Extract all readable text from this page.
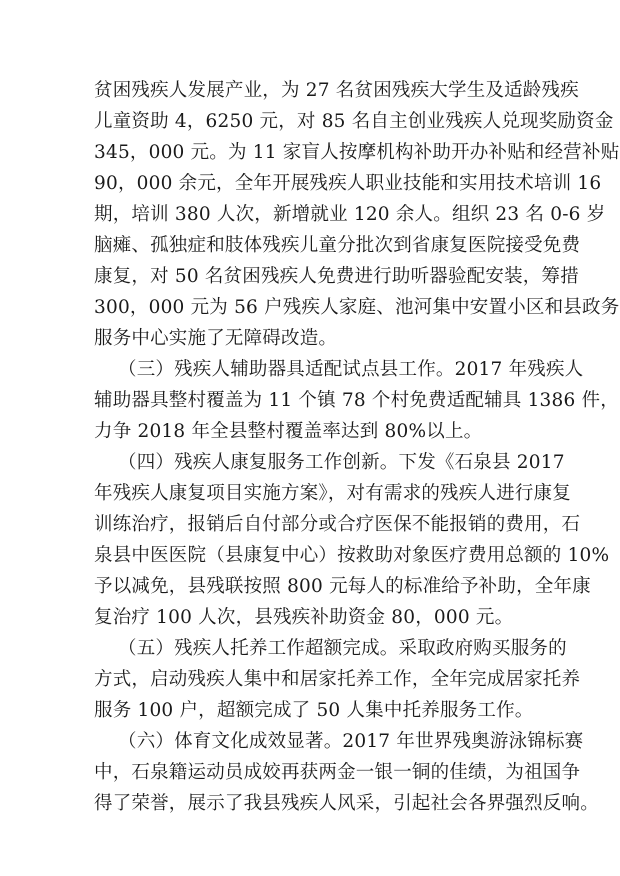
贫困残疾人发展产业，为 27 名贫困残疾大学生及适龄残疾
儿童资助 4，6250 元，对 85 名自主创业残疾人兑现奖励资金
345，000 元。为 11 家盲人按摩机构补助开办补贴和经营补贴
90，000 余元，全年开展残疾人职业技能和实用技术培训 16
期，培训 380 人次，新增就业 120 余人。组织 23 名 0-6 岁
脑瘫、孤独症和肢体残疾儿童分批次到省康复医院接受免费
康复，对 50 名贫困残疾人免费进行助听器验配安装，筹措
300，000 元为 56 户残疾人家庭、池河集中安置小区和县政务
服务中心实施了无障碍改造。
（三）残疾人辅助器具适配试点县工作。2017 年残疾人
辅助器具整村覆盖为 11 个镇 78 个村免费适配辅具 1386 件，
力争 2018 年全县整村覆盖率达到 80%以上。
（四）残疾人康复服务工作创新。下发《石泉县 2017
年残疾人康复项目实施方案》，对有需求的残疾人进行康复
训练治疗，报销后自付部分或合疗医保不能报销的费用，石
泉县中医医院（县康复中心）按救助对象医疗费用总额的 10%
予以减免，县残联按照 800 元每人的标准给予补助，全年康
复治疗 100 人次，县残疾补助资金 80，000 元。
（五）残疾人托养工作超额完成。采取政府购买服务的
方式，启动残疾人集中和居家托养工作，全年完成居家托养
服务 100 户，超额完成了 50 人集中托养服务工作。
（六）体育文化成效显著。2017 年世界残奥游泳锦标赛
中，石泉籍运动员成姣再获两金一银一铜的佳绩，为祖国争
得了荣誉，展示了我县残疾人风采，引起社会各界强烈反响。
